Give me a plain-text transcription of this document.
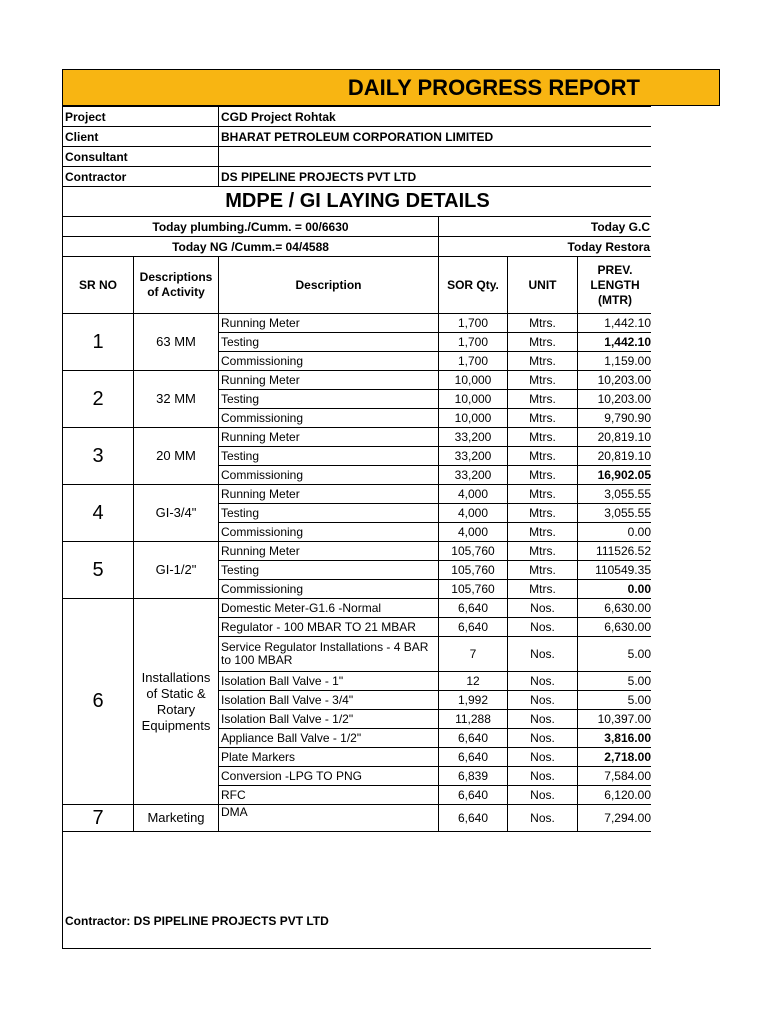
DAILY PROGRESS REPORT
Project		CGD Project Rohtak			
Client		BHARAT PETROLEUM CORPORATION LIMITED			
Consultant					
Contractor		DS PIPELINE PROJECTS PVT LTD			
MDPE / GI LAYING DETAILS					
Today plumbing./Cumm. = 00/6630			Today G.C		
Today NG /Cumm.= 04/4588			Today Restora		
SR NO	Descriptions of Activity	Description	SOR Qty.	UNIT	PREV. LENGTH (MTR)

1	63 MM	Running Meter	1,700	Mtrs.	1,442.10

		Testing	1,700	Mtrs.	1,442.10

		Commissioning	1,700	Mtrs.	1,159.00

2	32 MM	Running Meter	10,000	Mtrs.	10,203.00

		Testing	10,000	Mtrs.	10,203.00

		Commissioning	10,000	Mtrs.	9,790.90

3	20 MM	Running Meter	33,200	Mtrs.	20,819.10

		Testing	33,200	Mtrs.	20,819.10

		Commissioning	33,200	Mtrs.	16,902.05

4	GI-3/4"	Running Meter	4,000	Mtrs.	3,055.55

		Testing	4,000	Mtrs.	3,055.55

		Commissioning	4,000	Mtrs.	0.00

5	GI-1/2"	Running Meter	105,760	Mtrs.	111526.52

		Testing	105,760	Mtrs.	110549.35

		Commissioning	105,760	Mtrs.	0.00

6	Installations of Static & Rotary Equipments	Domestic Meter-G1.6 -Normal	6,640	Nos.	6,630.00

		Regulator - 100 MBAR TO 21 MBAR	6,640	Nos.	6,630.00

		Service Regulator Installations - 4 BAR to 100 MBAR	7	Nos.	5.00

		Isolation Ball Valve - 1"	12	Nos.	5.00

		Isolation Ball Valve - 3/4"	1,992	Nos.	5.00

		Isolation Ball Valve - 1/2"	11,288	Nos.	10,397.00

		Appliance Ball Valve - 1/2"	6,640	Nos.	3,816.00

		Plate Markers	6,640	Nos.	2,718.00

		Conversion -LPG TO PNG	6,839	Nos.	7,584.00

		RFC	6,640	Nos.	6,120.00

7	Marketing	DMA	6,640	Nos.	7,294.00
Contractor: DS PIPELINE PROJECTS PVT LTD
